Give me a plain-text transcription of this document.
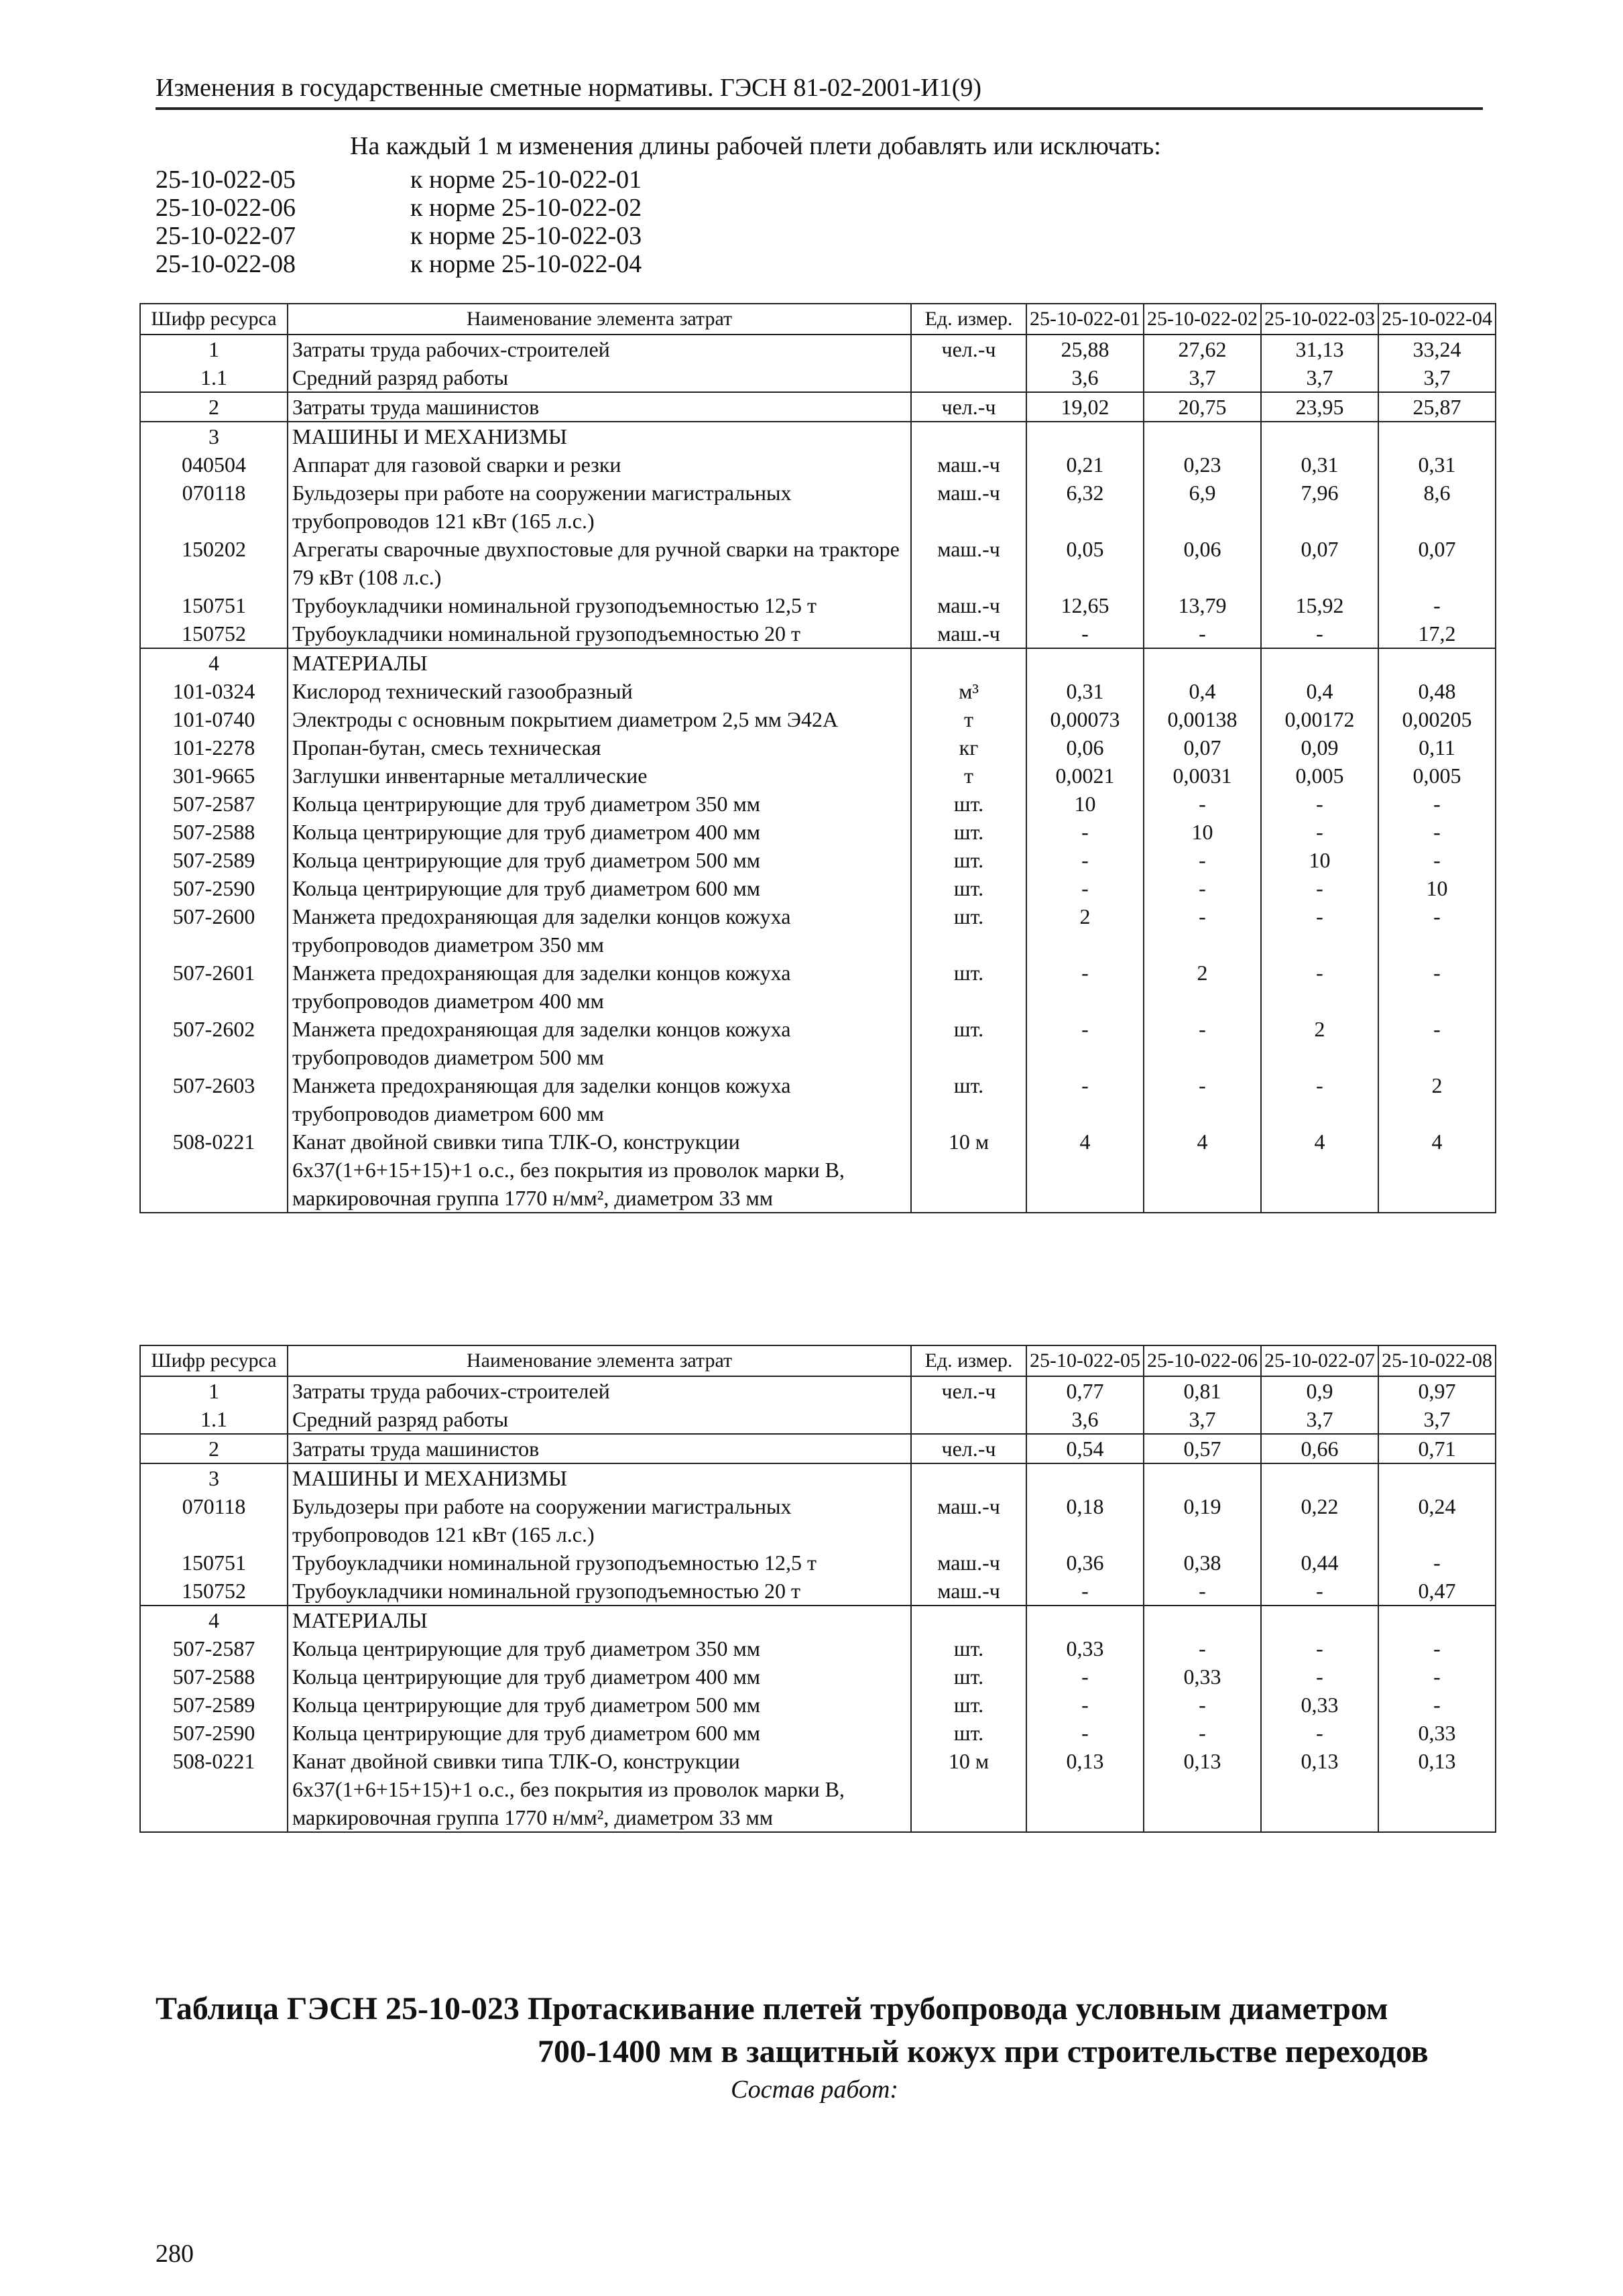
Изменения в государственные сметные нормативы. ГЭСН 81-02-2001-И1(9)
На каждый 1 м изменения длины рабочей плети добавлять или исключать:
25-10-022-05	к норме 25-10-022-01
25-10-022-06	к норме 25-10-022-02
25-10-022-07	к норме 25-10-022-03
25-10-022-08	к норме 25-10-022-04
Шифр ресурса	Наименование элемента затрат	Ед. измер.	25-10-022-01	25-10-022-02	25-10-022-03	25-10-022-04
1	Затраты труда рабочих-строителей	чел.-ч	25,88	27,62	31,13	33,24
1.1	Средний разряд работы		3,6	3,7	3,7	3,7
2	Затраты труда машинистов	чел.-ч	19,02	20,75	23,95	25,87
3	МАШИНЫ И МЕХАНИЗМЫ					
040504	Аппарат для газовой сварки и резки	маш.-ч	0,21	0,23	0,31	0,31
070118	Бульдозеры при работе на сооружении магистральных трубопроводов 121 кВт (165 л.с.)	маш.-ч	6,32	6,9	7,96	8,6
150202	Агрегаты сварочные двухпостовые для ручной сварки на тракторе 79 кВт (108 л.с.)	маш.-ч	0,05	0,06	0,07	0,07
150751	Трубоукладчики номинальной грузоподъемностью 12,5 т	маш.-ч	12,65	13,79	15,92	-
150752	Трубоукладчики номинальной грузоподъемностью 20 т	маш.-ч	-	-	-	17,2
4	МАТЕРИАЛЫ					
101-0324	Кислород технический газообразный	м³	0,31	0,4	0,4	0,48
101-0740	Электроды с основным покрытием диаметром 2,5 мм Э42А	т	0,00073	0,00138	0,00172	0,00205
101-2278	Пропан-бутан, смесь техническая	кг	0,06	0,07	0,09	0,11
301-9665	Заглушки инвентарные металлические	т	0,0021	0,0031	0,005	0,005
507-2587	Кольца центрирующие для труб диаметром 350 мм	шт.	10	-	-	-
507-2588	Кольца центрирующие для труб диаметром 400 мм	шт.	-	10	-	-
507-2589	Кольца центрирующие для труб диаметром 500 мм	шт.	-	-	10	-
507-2590	Кольца центрирующие для труб диаметром 600 мм	шт.	-	-	-	10
507-2600	Манжета предохраняющая для заделки концов кожуха трубопроводов диаметром 350 мм	шт.	2	-	-	-
507-2601	Манжета предохраняющая для заделки концов кожуха трубопроводов диаметром 400 мм	шт.	-	2	-	-
507-2602	Манжета предохраняющая для заделки концов кожуха трубопроводов диаметром 500 мм	шт.	-	-	2	-
507-2603	Манжета предохраняющая для заделки концов кожуха трубопроводов диаметром 600 мм	шт.	-	-	-	2
508-0221	Канат двойной свивки типа ТЛК-О, конструкции 6х37(1+6+15+15)+1 о.с., без покрытия из проволок марки В, маркировочная группа 1770 н/мм², диаметром 33 мм	10 м	4	4	4	4
Шифр ресурса	Наименование элемента затрат	Ед. измер.	25-10-022-05	25-10-022-06	25-10-022-07	25-10-022-08
1	Затраты труда рабочих-строителей	чел.-ч	0,77	0,81	0,9	0,97
1.1	Средний разряд работы		3,6	3,7	3,7	3,7
2	Затраты труда машинистов	чел.-ч	0,54	0,57	0,66	0,71
3	МАШИНЫ И МЕХАНИЗМЫ					
070118	Бульдозеры при работе на сооружении магистральных трубопроводов 121 кВт (165 л.с.)	маш.-ч	0,18	0,19	0,22	0,24
150751	Трубоукладчики номинальной грузоподъемностью 12,5 т	маш.-ч	0,36	0,38	0,44	-
150752	Трубоукладчики номинальной грузоподъемностью 20 т	маш.-ч	-	-	-	0,47
4	МАТЕРИАЛЫ					
507-2587	Кольца центрирующие для труб диаметром 350 мм	шт.	0,33	-	-	-
507-2588	Кольца центрирующие для труб диаметром 400 мм	шт.	-	0,33	-	-
507-2589	Кольца центрирующие для труб диаметром 500 мм	шт.	-	-	0,33	-
507-2590	Кольца центрирующие для труб диаметром 600 мм	шт.	-	-	-	0,33
508-0221	Канат двойной свивки типа ТЛК-О, конструкции 6х37(1+6+15+15)+1 о.с., без покрытия из проволок марки В, маркировочная группа 1770 н/мм², диаметром 33 мм	10 м	0,13	0,13	0,13	0,13
Таблица ГЭСН 25-10-023 Протаскивание плетей трубопровода условным диаметром
700-1400 мм в защитный кожух при строительстве переходов
Состав работ:
280
